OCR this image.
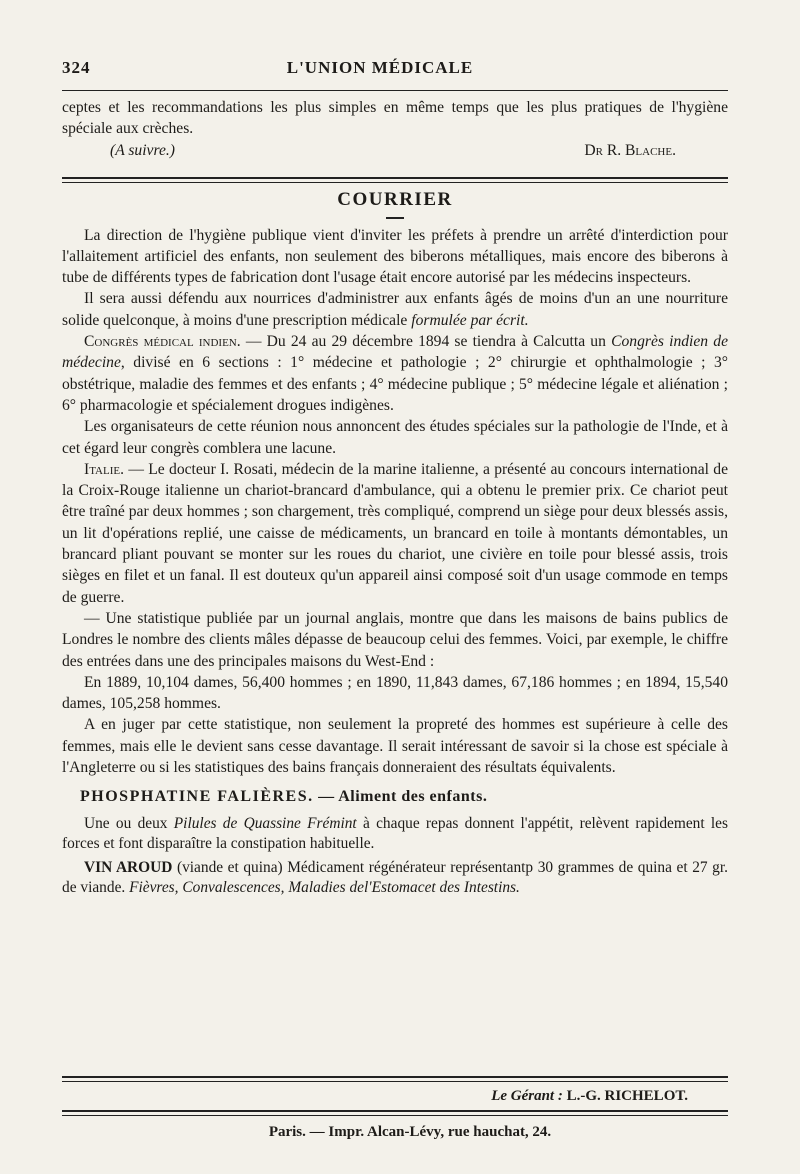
324	L'UNION MÉDICALE

ceptes et les recommandations les plus simples en même temps que les plus pratiques de l'hygiène spéciale aux crèches.

(A suivre.)	Dr R. Blache.
COURRIER

La direction de l'hygiène publique vient d'inviter les préfets à prendre un arrêté d'interdiction pour l'allaitement artificiel des enfants, non seulement des biberons métalliques, mais encore des biberons à tube de différents types de fabrication dont l'usage était encore autorisé par les médecins inspecteurs.

Il sera aussi défendu aux nourrices d'administrer aux enfants âgés de moins d'un an une nourriture solide quelconque, à moins d'une prescription médicale formulée par écrit.

Congrès médical indien. — Du 24 au 29 décembre 1894 se tiendra à Calcutta un Congrès indien de médecine, divisé en 6 sections : 1° médecine et pathologie ; 2° chirurgie et ophthalmologie ; 3° obstétrique, maladie des femmes et des enfants ; 4° médecine publique ; 5° médecine légale et aliénation ; 6° pharmacologie et spécialement drogues indigènes.

Les organisateurs de cette réunion nous annoncent des études spéciales sur la pathologie de l'Inde, et à cet égard leur congrès comblera une lacune.

Italie. — Le docteur I. Rosati, médecin de la marine italienne, a présenté au concours international de la Croix-Rouge italienne un chariot-brancard d'ambulance, qui a obtenu le premier prix. Ce chariot peut être traîné par deux hommes ; son chargement, très compliqué, comprend un siège pour deux blessés assis, un lit d'opérations replié, une caisse de médicaments, un brancard en toile à montants démontables, un brancard pliant pouvant se monter sur les roues du chariot, une civière en toile pour blessé assis, trois sièges en filet et un fanal. Il est douteux qu'un appareil ainsi composé soit d'un usage commode en temps de guerre.

— Une statistique publiée par un journal anglais, montre que dans les maisons de bains publics de Londres le nombre des clients mâles dépasse de beaucoup celui des femmes. Voici, par exemple, le chiffre des entrées dans une des principales maisons du West-End :

En 1889, 10,104 dames, 56,400 hommes ; en 1890, 11,843 dames, 67,186 hommes ; en 1894, 15,540 dames, 105,258 hommes.

A en juger par cette statistique, non seulement la propreté des hommes est supérieure à celle des femmes, mais elle le devient sans cesse davantage. Il serait intéressant de savoir si la chose est spéciale à l'Angleterre ou si les statistiques des bains français donneraient des résultats équivalents.

PHOSPHATINE FALIÈRES. — Aliment des enfants.

Une ou deux Pilules de Quassine Frémint à chaque repas donnent l'appétit, relèvent rapidement les forces et font disparaître la constipation habituelle.

VIN AROUD (viande et quina) Médicament régénérateur représentantp 30 grammes de quina et 27 gr. de viande. Fièvres, Convalescences, Maladies del'Estomacet des Intestins.

Le Gérant : L.-G. RICHELOT.
Paris. — Impr. Alcan-Lévy, rue hauchat, 24.
